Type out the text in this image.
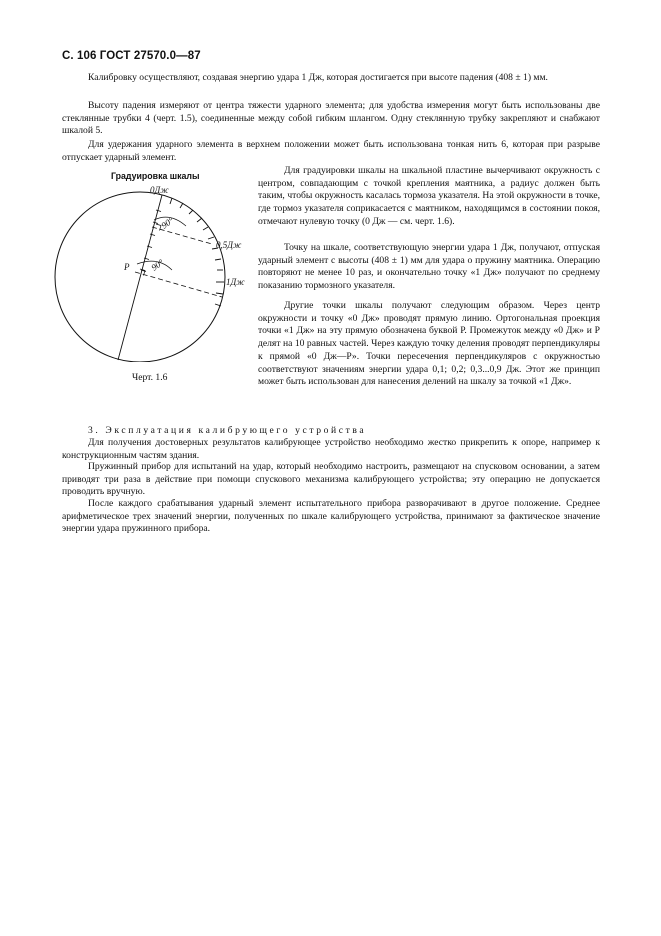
С. 106 ГОСТ 27570.0—87

Калибровку осуществляют, создавая энергию удара 1 Дж, которая достигается при высоте падения (408 ± 1) мм.

Высоту падения измеряют от центра тяжести ударного элемента; для удобства измерения могут быть использованы две стеклянные трубки 4 (черт. 1.5), соединенные между собой гибким шлангом. Одну стеклянную трубку закрепляют и снабжают шкалой 5.

Для удержания ударного элемента в верхнем положении может быть использована тонкая нить 6, которая при разрыве отпускает ударный элемент.

Градуировка шкалы
0Дж
0,5Дж
1Дж
P
90°
90°
Черт. 1.6

Для градуировки шкалы на шкальной пластине вычерчивают окружность с центром, совпадающим с точкой крепления маятника, а радиус должен быть таким, чтобы окружность касалась тормоза указателя. На этой окружности в точке, где тормоз указателя соприкасается с маятником, находящимся в состоянии покоя, отмечают нулевую точку (0 Дж — см. черт. 1.6).

Точку на шкале, соответствующую энергии удара 1 Дж, получают, отпуская ударный элемент с высоты (408 ± 1) мм для удара о пружину маятника. Операцию повторяют не менее 10 раз, и окончательно точку «1 Дж» получают по среднему показанию тормозного указателя.

Другие точки шкалы получают следующим образом. Через центр окружности и точку «0 Дж» проводят прямую линию. Ортогональная проекция точки «1 Дж» на эту прямую обозначена буквой Р. Промежуток между «0 Дж» и Р делят на 10 равных частей. Через каждую точку деления проводят перпендикуляры к прямой «0 Дж—Р». Точки пересечения перпендикуляров с окружностью соответствуют значениям энергии удара 0,1; 0,2; 0,3...0,9 Дж. Этот же принцип может быть использован для нанесения делений на шкалу за точкой «1 Дж».

3. Эксплуатация калибрующего устройства

Для получения достоверных результатов калибрующее устройство необходимо жестко прикрепить к опоре, например к конструкционным частям здания.

Пружинный прибор для испытаний на удар, который необходимо настроить, размещают на спусковом основании, а затем приводят три раза в действие при помощи спускового механизма калибрующего устройства; эту операцию не допускается проводить вручную.

После каждого срабатывания ударный элемент испытательного прибора разворачивают в другое положение. Среднее арифметическое трех значений энергии, полученных по шкале калибрующего устройства, принимают за фактическое значение энергии удара пружинного прибора.
